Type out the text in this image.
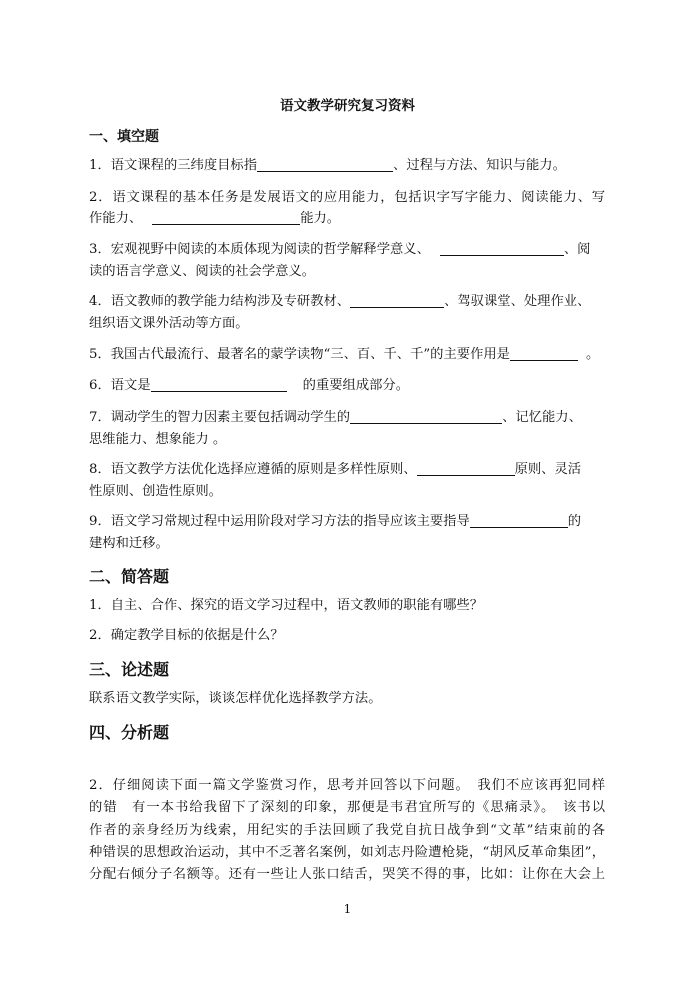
语文教学研究复习资料
一、填空题
1．语文课程的三纬度目标指	、过程与方法、知识与能力。
2．语文课程的基本任务是发展语文的应用能力，包括识字写字能力、阅读能力、写
作能力、	能力。
3．宏观视野中阅读的本质体现为阅读的哲学解释学意义、	、阅
读的语言学意义、阅读的社会学意义。
4．语文教师的教学能力结构涉及专研教材、	、驾驭课堂、处理作业、
组织语文课外活动等方面。
5．我国古代最流行、最著名的蒙学读物“三、百、千、千”的主要作用是	。
6．语文是	的重要组成部分。
7．调动学生的智力因素主要包括调动学生的	、记忆能力、
思维能力、想象能力 。
8．语文教学方法优化选择应遵循的原则是多样性原则、	原则、灵活
性原则、创造性原则。
9．语文学习常规过程中运用阶段对学习方法的指导应该主要指导	的
建构和迁移。
二、简答题
1．自主、合作、探究的语文学习过程中，语文教师的职能有哪些？
2．确定教学目标的依据是什么？
三、论述题
联系语文教学实际，谈谈怎样优化选择教学方法。
四、分析题
2．仔细阅读下面一篇文学鉴赏习作，思考并回答以下问题。　我们不应该再犯同样
的错　有一本书给我留下了深刻的印象，那便是韦君宜所写的《思痛录》。　该书以
作者的亲身经历为线索，用纪实的手法回顾了我党自抗日战争到“文革”结束前的各
种错误的思想政治运动，其中不乏著名案例，如刘志丹险遭枪毙，“胡风反革命集团”，
分配右倾分子名额等。还有一些让人张口结舌，哭笑不得的事，比如：让你在大会上
1
